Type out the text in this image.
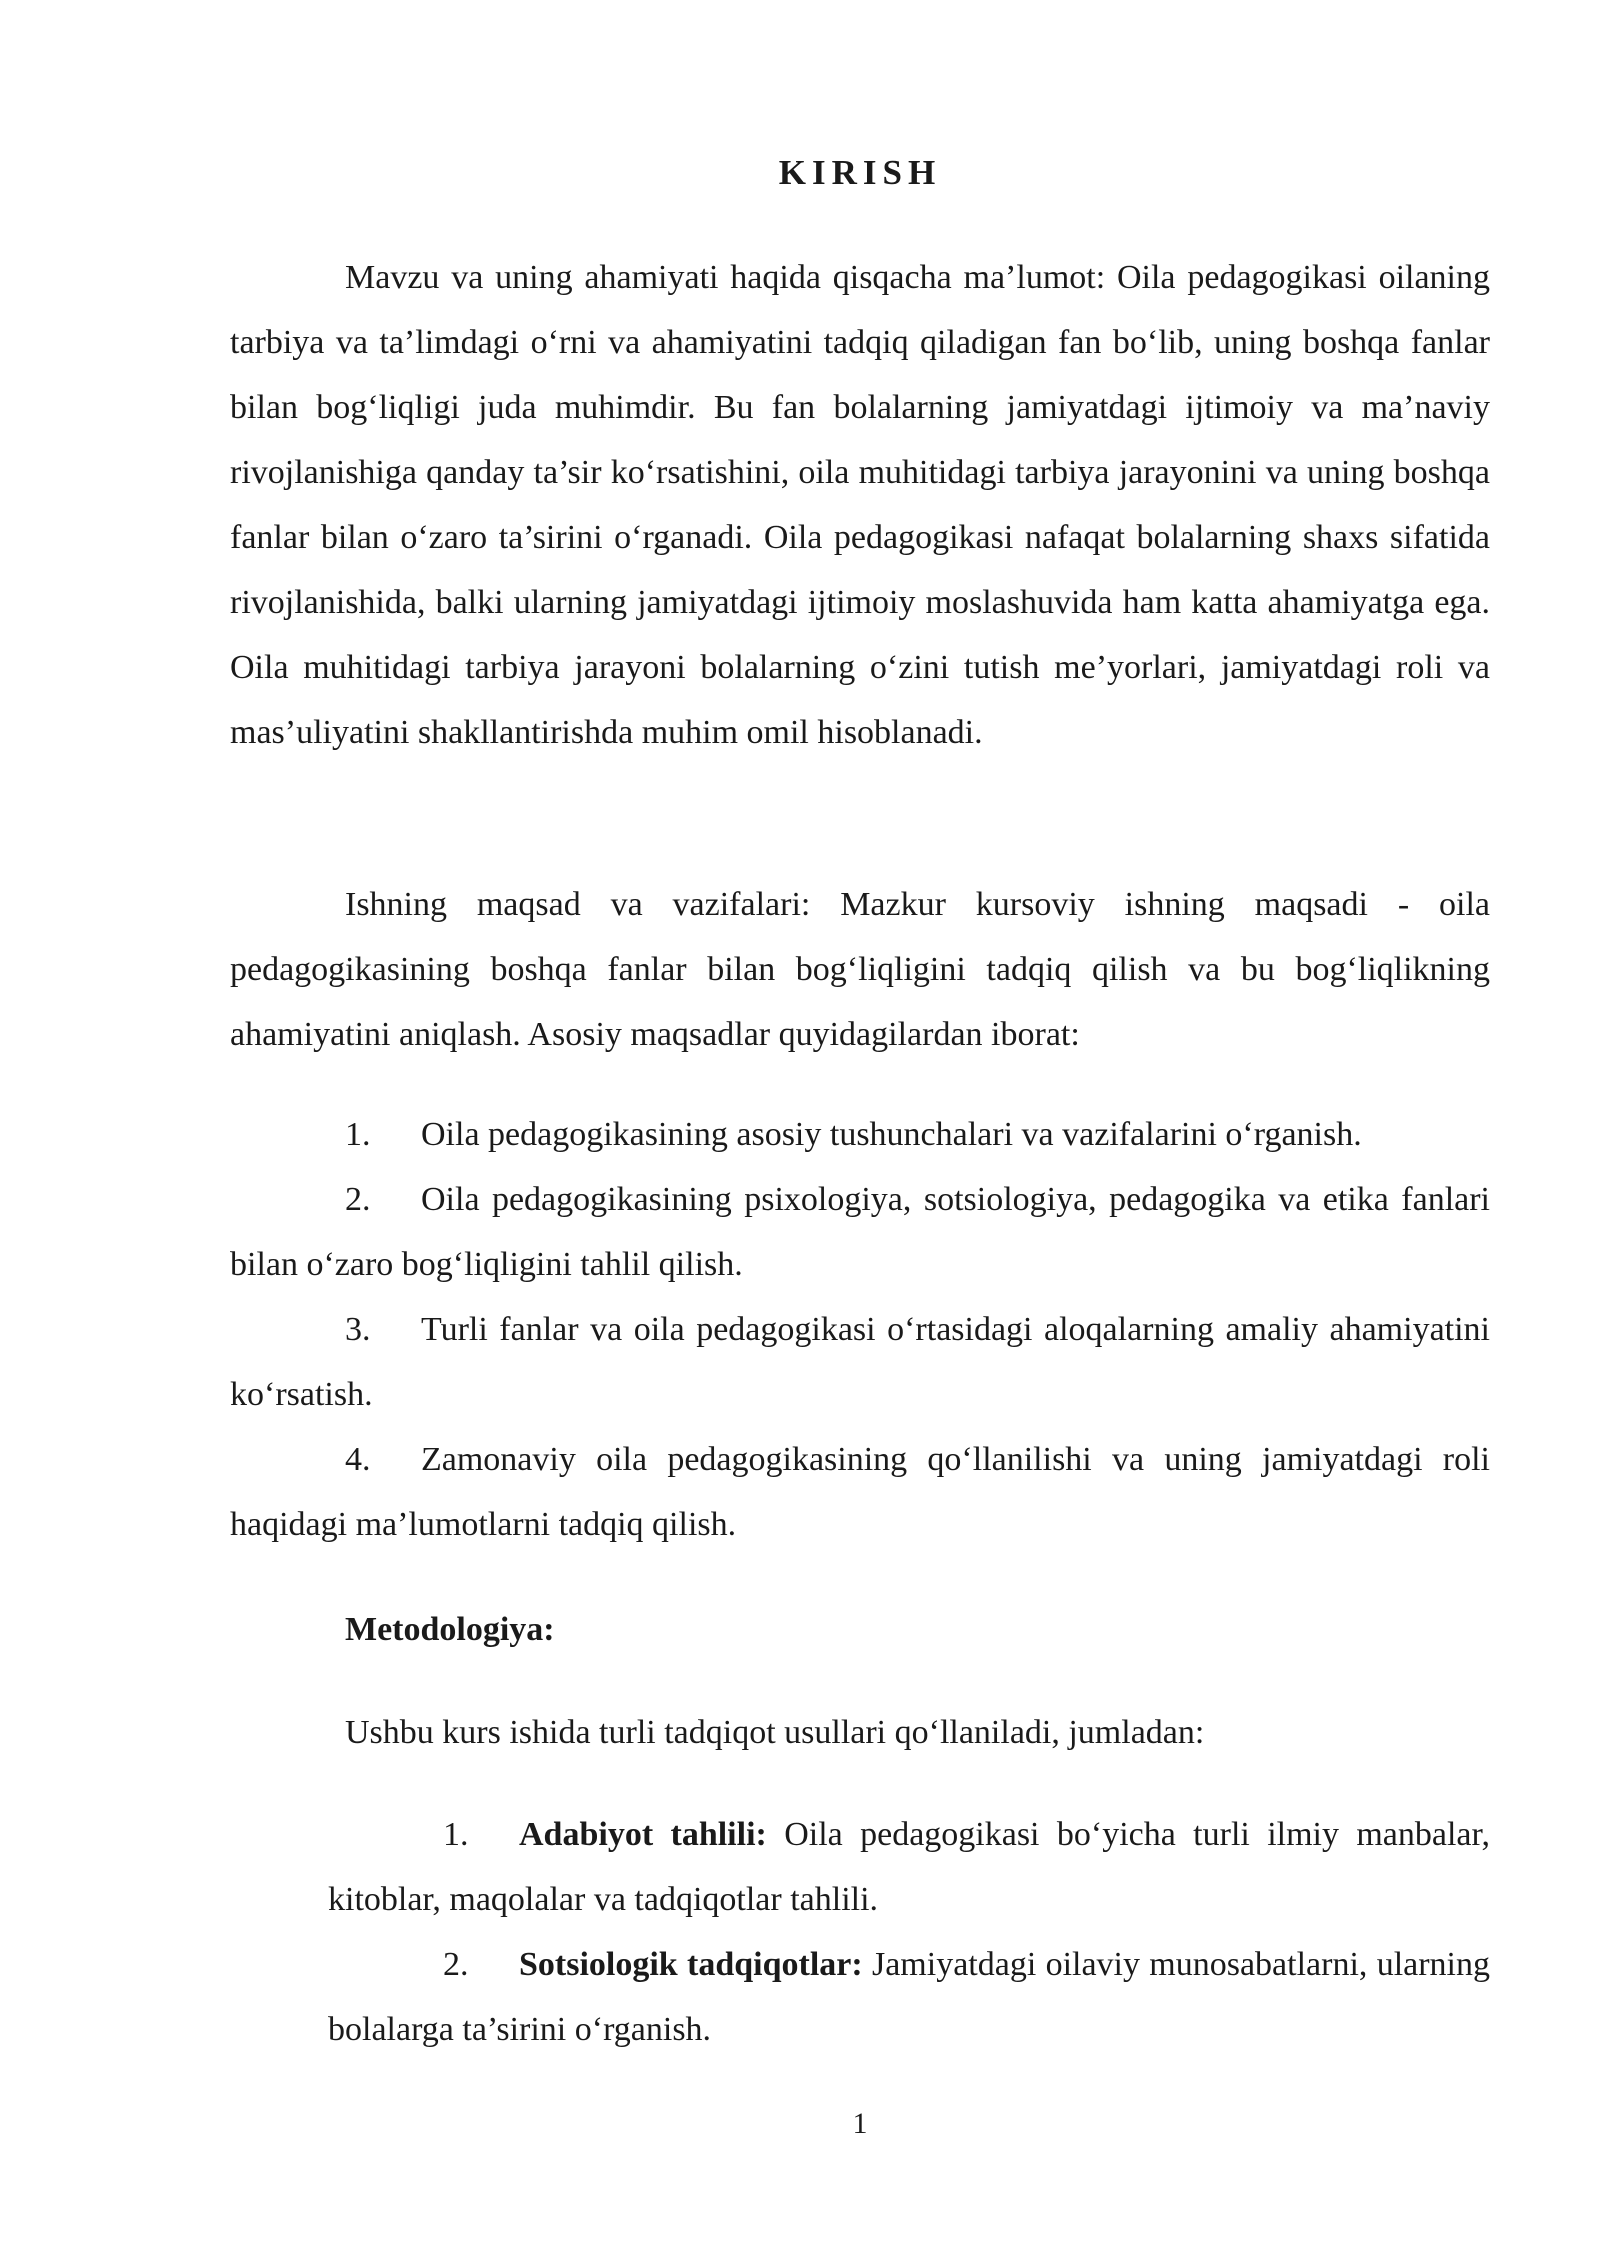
KIRISH
Mavzu va uning ahamiyati haqida qisqacha ma’lumot: Oila pedagogikasi oilaning tarbiya va ta’limdagi o‘rni va ahamiyatini tadqiq qiladigan fan bo‘lib, uning boshqa fanlar bilan bog‘liqligi juda muhimdir. Bu fan bolalarning jamiyatdagi ijtimoiy va ma’naviy rivojlanishiga qanday ta’sir ko‘rsatishini, oila muhitidagi tarbiya jarayonini va uning boshqa fanlar bilan o‘zaro ta’sirini o‘rganadi. Oila pedagogikasi nafaqat bolalarning shaxs sifatida rivojlanishida, balki ularning jamiyatdagi ijtimoiy moslashuvida ham katta ahamiyatga ega. Oila muhitidagi tarbiya jarayoni bolalarning o‘zini tutish me’yorlari, jamiyatdagi roli va mas’uliyatini shakllantirishda muhim omil hisoblanadi.
Ishning maqsad va vazifalari: Mazkur kursoviy ishning maqsadi - oila pedagogikasining boshqa fanlar bilan bog‘liqligini tadqiq qilish va bu bog‘liqlikning ahamiyatini aniqlash. Asosiy maqsadlar quyidagilardan iborat:
1. Oila pedagogikasining asosiy tushunchalari va vazifalarini o‘rganish.
2. Oila pedagogikasining psixologiya, sotsiologiya, pedagogika va etika fanlari bilan o‘zaro bog‘liqligini tahlil qilish.
3. Turli fanlar va oila pedagogikasi o‘rtasidagi aloqalarning amaliy ahamiyatini ko‘rsatish.
4. Zamonaviy oila pedagogikasining qo‘llanilishi va uning jamiyatdagi roli haqidagi ma’lumotlarni tadqiq qilish.
Metodologiya:
Ushbu kurs ishida turli tadqiqot usullari qo‘llaniladi, jumladan:
1. Adabiyot tahlili: Oila pedagogikasi bo‘yicha turli ilmiy manbalar, kitoblar, maqolalar va tadqiqotlar tahlili.
2. Sotsiologik tadqiqotlar: Jamiyatdagi oilaviy munosabatlarni, ularning bolalarga ta’sirini o‘rganish.
1
